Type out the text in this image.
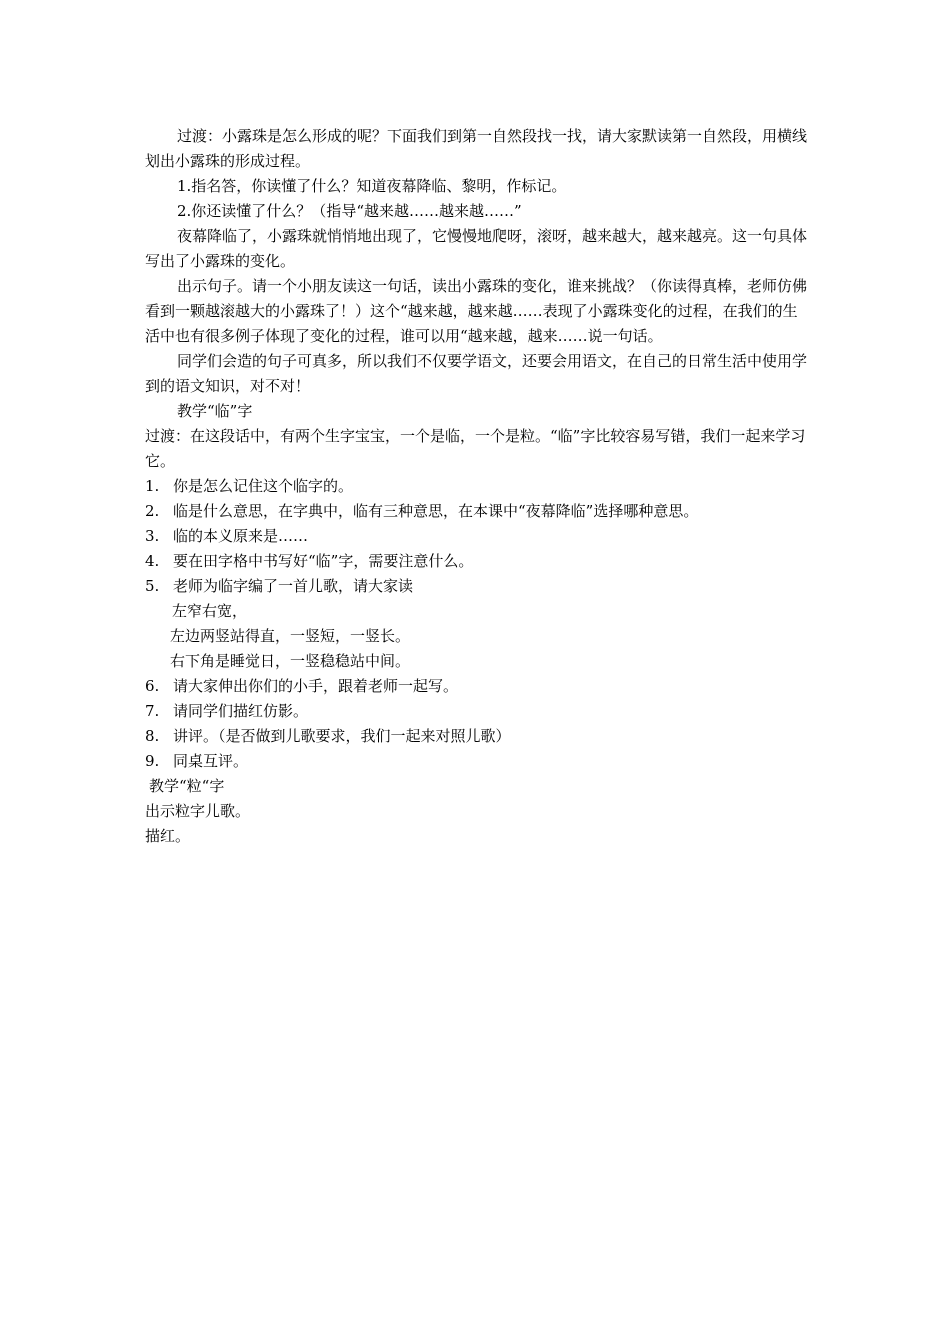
过渡：小露珠是怎么形成的呢？下面我们到第一自然段找一找，请大家默读第一自然段，用横线划出小露珠的形成过程。

1.指名答，你读懂了什么？知道夜幕降临、黎明，作标记。

2.你还读懂了什么？（指导“越来越……越来越……”

夜幕降临了，小露珠就悄悄地出现了，它慢慢地爬呀，滚呀，越来越大，越来越亮。这一句具体写出了小露珠的变化。

出示句子。请一个小朋友读这一句话，读出小露珠的变化，谁来挑战？（你读得真棒，老师仿佛看到一颗越滚越大的小露珠了！）这个“越来越，越来越……表现了小露珠变化的过程，在我们的生活中也有很多例子体现了变化的过程，谁可以用“越来越，越来……说一句话。

同学们会造的句子可真多，所以我们不仅要学语文，还要会用语文，在自己的日常生活中使用学到的语文知识，对不对！

教学“临”字

过渡：在这段话中，有两个生字宝宝，一个是临，一个是粒。“临”字比较容易写错，我们一起来学习它。

1. 你是怎么记住这个临字的。
2. 临是什么意思，在字典中，临有三种意思，在本课中“夜幕降临”选择哪种意思。
3. 临的本义原来是……
4. 要在田字格中书写好“临”字，需要注意什么。
5. 老师为临字编了一首儿歌，请大家读

左窄右宽，

左边两竖站得直，一竖短，一竖长。

右下角是睡觉日，一竖稳稳站中间。

6. 请大家伸出你们的小手，跟着老师一起写。
7. 请同学们描红仿影。
8. 讲评。（是否做到儿歌要求，我们一起来对照儿歌）
9. 同桌互评。

教学“粒“字

出示粒字儿歌。

描红。
